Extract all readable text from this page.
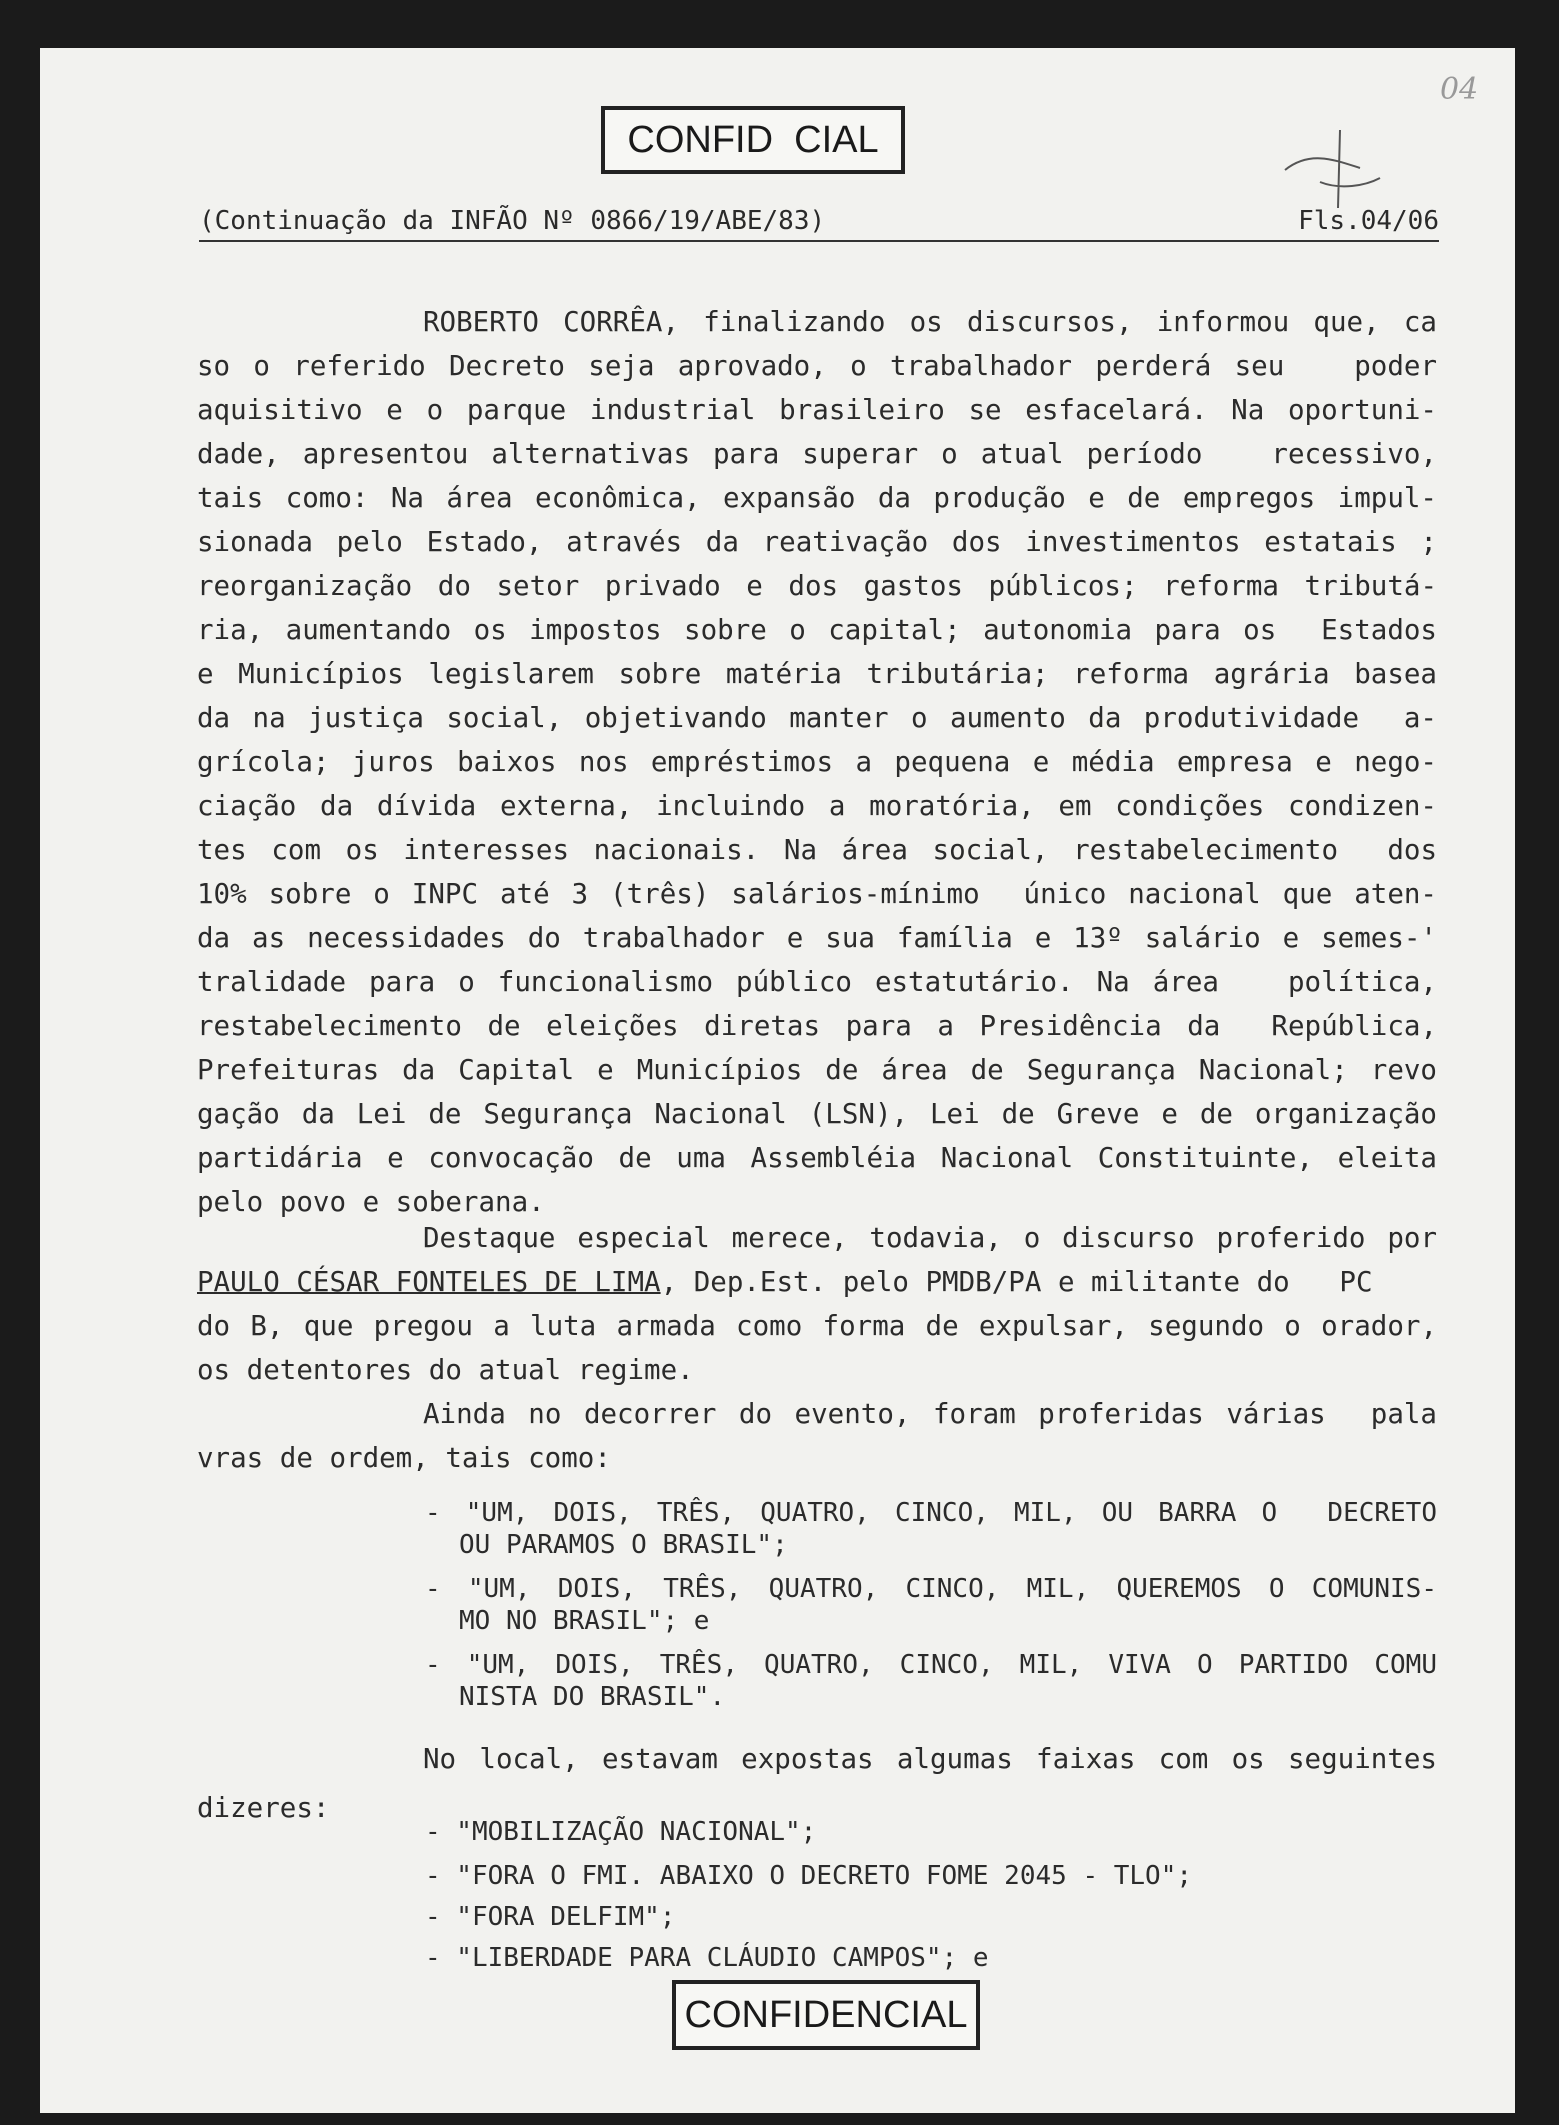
04
CONFID  CIAL
(Continuação da INFÃO Nº 0866/19/ABE/83)	Fls.04/06
ROBERTO CORRÊA, finalizando os discursos, informou que, ca
so o referido Decreto seja aprovado, o trabalhador perderá seu   poder
aquisitivo e o parque industrial brasileiro se esfacelará. Na oportuni-
dade, apresentou alternativas para superar o atual período   recessivo,
tais como: Na área econômica, expansão da produção e de empregos impul-
sionada pelo Estado, através da reativação dos investimentos estatais ;
reorganização do setor privado e dos gastos públicos; reforma tributá-
ria, aumentando os impostos sobre o capital; autonomia para os  Estados
e Municípios legislarem sobre matéria tributária; reforma agrária basea
da na justiça social, objetivando manter o aumento da produtividade  a-
grícola; juros baixos nos empréstimos a pequena e média empresa e nego-
ciação da dívida externa, incluindo a moratória, em condições condizen-
tes com os interesses nacionais. Na área social, restabelecimento  dos
10% sobre o INPC até 3 (três) salários-mínimo  único nacional que aten-
da as necessidades do trabalhador e sua família e 13º salário e semes-'
tralidade para o funcionalismo público estatutário. Na área   política,
restabelecimento de eleições diretas para a Presidência da  República,
Prefeituras da Capital e Municípios de área de Segurança Nacional; revo
gação da Lei de Segurança Nacional (LSN), Lei de Greve e de organização
partidária e convocação de uma Assembléia Nacional Constituinte, eleita
pelo povo e soberana.
Destaque especial merece, todavia, o discurso proferido por
PAULO CÉSAR FONTELES DE LIMA, Dep.Est. pelo PMDB/PA e militante do   PC
do B, que pregou a luta armada como forma de expulsar, segundo o orador,
os detentores do atual regime.
Ainda no decorrer do evento, foram proferidas várias  pala
vras de ordem, tais como:
- "UM, DOIS, TRÊS, QUATRO, CINCO, MIL, OU BARRA O  DECRETO
OU PARAMOS O BRASIL";
- "UM, DOIS, TRÊS, QUATRO, CINCO, MIL, QUEREMOS O COMUNIS-
MO NO BRASIL"; e
- "UM, DOIS, TRÊS, QUATRO, CINCO, MIL, VIVA O PARTIDO COMU
NISTA DO BRASIL".
No local, estavam expostas algumas faixas com os seguintes
dizeres:
- "MOBILIZAÇÃO NACIONAL";
- "FORA O FMI. ABAIXO O DECRETO FOME 2045 - TLO";
- "FORA DELFIM";
- "LIBERDADE PARA CLÁUDIO CAMPOS"; e
CONFIDENCIAL
